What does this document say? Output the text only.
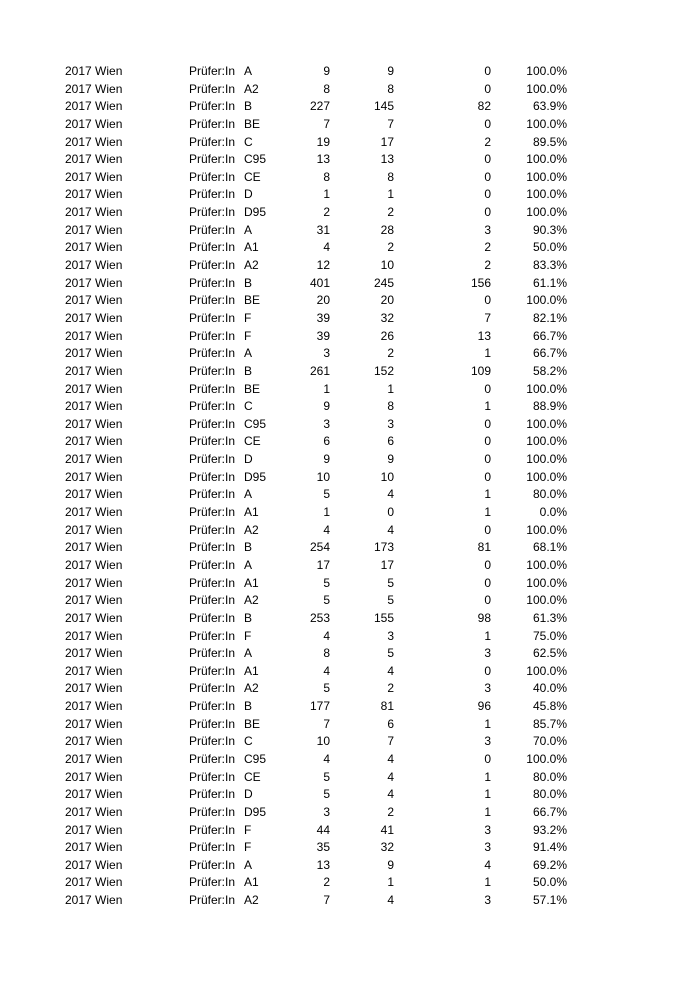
2017 Wien	Prüfer:In A	9	9	0	100.0%
2017 Wien	Prüfer:In A2	8	8	0	100.0%
2017 Wien	Prüfer:In B	227	145	82	63.9%
2017 Wien	Prüfer:In BE	7	7	0	100.0%
2017 Wien	Prüfer:In C	19	17	2	89.5%
2017 Wien	Prüfer:In C95	13	13	0	100.0%
2017 Wien	Prüfer:In CE	8	8	0	100.0%
2017 Wien	Prüfer:In D	1	1	0	100.0%
2017 Wien	Prüfer:In D95	2	2	0	100.0%
2017 Wien	Prüfer:In A	31	28	3	90.3%
2017 Wien	Prüfer:In A1	4	2	2	50.0%
2017 Wien	Prüfer:In A2	12	10	2	83.3%
2017 Wien	Prüfer:In B	401	245	156	61.1%
2017 Wien	Prüfer:In BE	20	20	0	100.0%
2017 Wien	Prüfer:In F	39	32	7	82.1%
2017 Wien	Prüfer:In F	39	26	13	66.7%
2017 Wien	Prüfer:In A	3	2	1	66.7%
2017 Wien	Prüfer:In B	261	152	109	58.2%
2017 Wien	Prüfer:In BE	1	1	0	100.0%
2017 Wien	Prüfer:In C	9	8	1	88.9%
2017 Wien	Prüfer:In C95	3	3	0	100.0%
2017 Wien	Prüfer:In CE	6	6	0	100.0%
2017 Wien	Prüfer:In D	9	9	0	100.0%
2017 Wien	Prüfer:In D95	10	10	0	100.0%
2017 Wien	Prüfer:In A	5	4	1	80.0%
2017 Wien	Prüfer:In A1	1	0	1	0.0%
2017 Wien	Prüfer:In A2	4	4	0	100.0%
2017 Wien	Prüfer:In B	254	173	81	68.1%
2017 Wien	Prüfer:In A	17	17	0	100.0%
2017 Wien	Prüfer:In A1	5	5	0	100.0%
2017 Wien	Prüfer:In A2	5	5	0	100.0%
2017 Wien	Prüfer:In B	253	155	98	61.3%
2017 Wien	Prüfer:In F	4	3	1	75.0%
2017 Wien	Prüfer:In A	8	5	3	62.5%
2017 Wien	Prüfer:In A1	4	4	0	100.0%
2017 Wien	Prüfer:In A2	5	2	3	40.0%
2017 Wien	Prüfer:In B	177	81	96	45.8%
2017 Wien	Prüfer:In BE	7	6	1	85.7%
2017 Wien	Prüfer:In C	10	7	3	70.0%
2017 Wien	Prüfer:In C95	4	4	0	100.0%
2017 Wien	Prüfer:In CE	5	4	1	80.0%
2017 Wien	Prüfer:In D	5	4	1	80.0%
2017 Wien	Prüfer:In D95	3	2	1	66.7%
2017 Wien	Prüfer:In F	44	41	3	93.2%
2017 Wien	Prüfer:In F	35	32	3	91.4%
2017 Wien	Prüfer:In A	13	9	4	69.2%
2017 Wien	Prüfer:In A1	2	1	1	50.0%
2017 Wien	Prüfer:In A2	7	4	3	57.1%
